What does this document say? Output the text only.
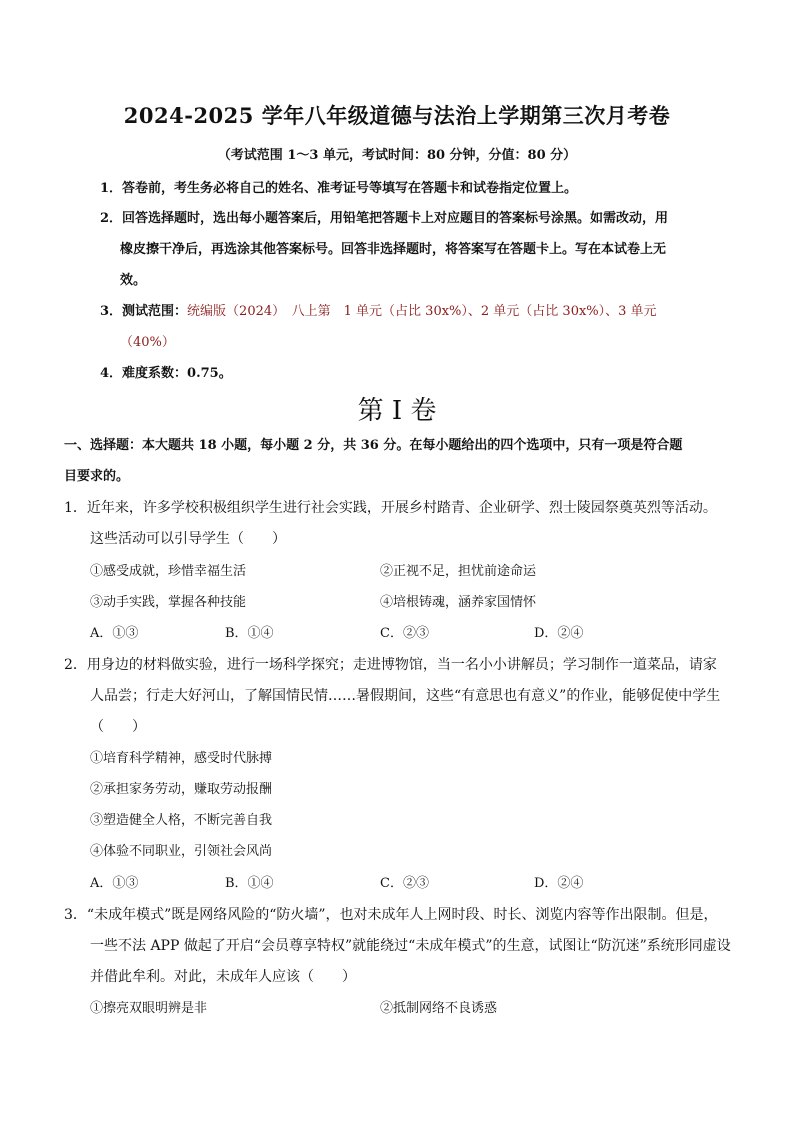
2024-2025 学年八年级道德与法治上学期第三次月考卷
（考试范围 1～3 单元，考试时间：80 分钟，分值：80 分）
1．答卷前，考生务必将自己的姓名、准考证号等填写在答题卡和试卷指定位置上。
2．回答选择题时，选出每小题答案后，用铅笔把答题卡上对应题目的答案标号涂黑。如需改动，用
橡皮擦干净后，再选涂其他答案标号。回答非选择题时，将答案写在答题卡上。写在本试卷上无
效。
3．测试范围：统编版（2024）　八上第　1 单元（占比 30x%）、2 单元（占比 30x%）、3 单元
（40%）
4．难度系数：0.75。
第 I 卷
一、选择题：本大题共 18 小题，每小题 2 分，共 36 分。在每小题给出的四个选项中，只有一项是符合题
目要求的。
1．近年来，许多学校积极组织学生进行社会实践，开展乡村踏青、企业研学、烈士陵园祭奠英烈等活动。
这些活动可以引导学生（　　）
①感受成就，珍惜幸福生活	②正视不足，担忧前途命运
③动手实践，掌握各种技能	④培根铸魂，涵养家国情怀
A．①③	B．①④	C．②③	D．②④
2．用身边的材料做实验，进行一场科学探究；走进博物馆，当一名小小讲解员；学习制作一道菜品，请家
人品尝；行走大好河山，了解国情民情……暑假期间，这些“有意思也有意义”的作业，能够促使中学生
（　　）
①培育科学精神，感受时代脉搏
②承担家务劳动，赚取劳动报酬
③塑造健全人格，不断完善自我
④体验不同职业，引领社会风尚
A．①③	B．①④	C．②③	D．②④
3．“未成年模式”既是网络风险的“防火墙”，也对未成年人上网时段、时长、浏览内容等作出限制。但是，
一些不法 APP 做起了开启“会员尊享特权”就能绕过“未成年模式”的生意，试图让“防沉迷”系统形同虚设
并借此牟利。对此，未成年人应该（　　）
①擦亮双眼明辨是非	②抵制网络不良诱惑
